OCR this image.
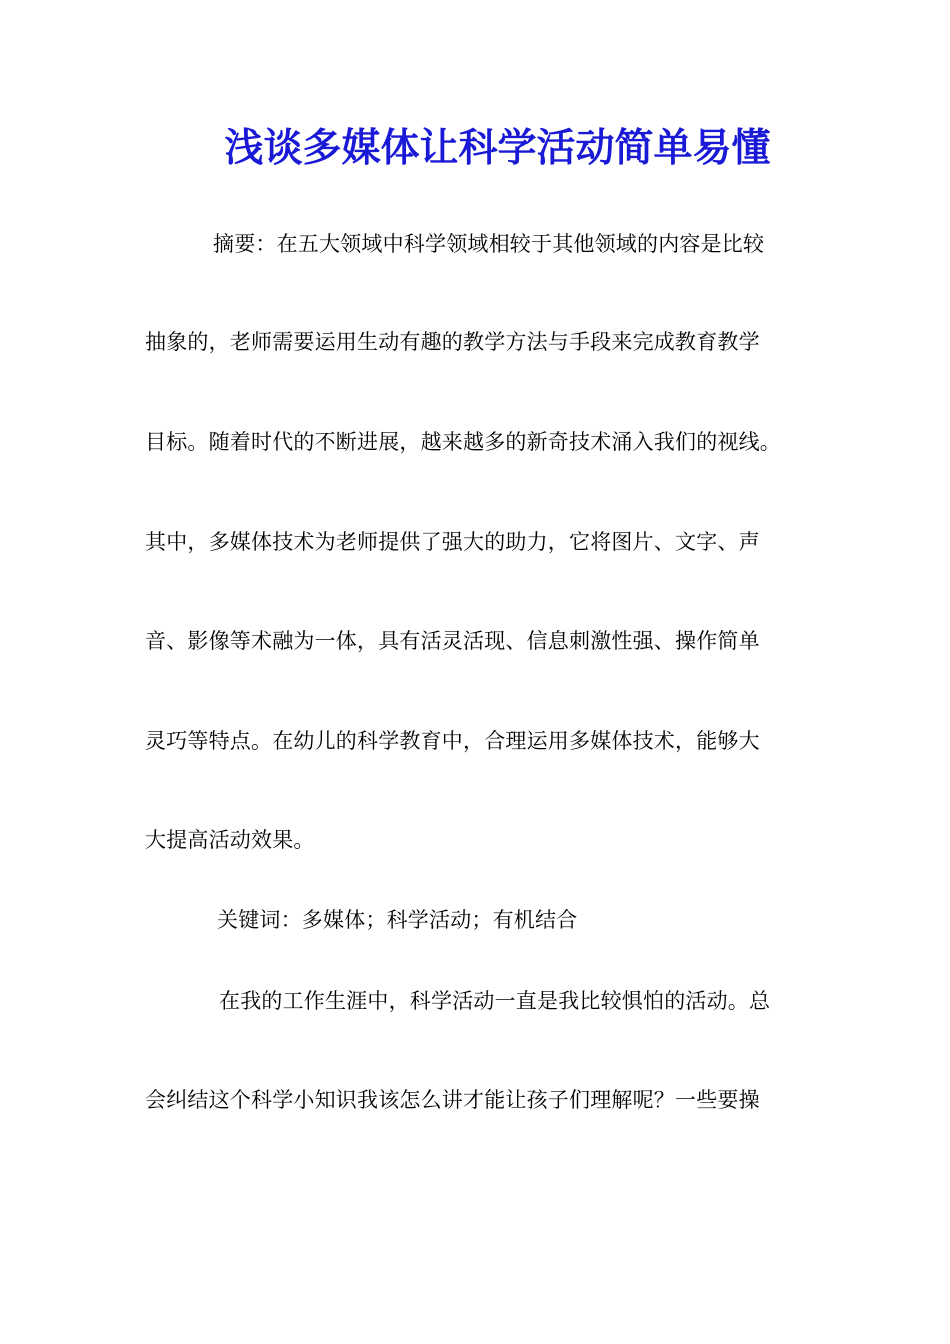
浅谈多媒体让科学活动简单易懂
摘要：在五大领域中科学领域相较于其他领域的内容是比较
抽象的，老师需要运用生动有趣的教学方法与手段来完成教育教学
目标。随着时代的不断进展，越来越多的新奇技术涌入我们的视线。
其中，多媒体技术为老师提供了强大的助力，它将图片、文字、声
音、影像等术融为一体，具有活灵活现、信息刺激性强、操作简单
灵巧等特点。在幼儿的科学教育中，合理运用多媒体技术，能够大
大提高活动效果。
关键词：多媒体；科学活动；有机结合
在我的工作生涯中，科学活动一直是我比较惧怕的活动。总
会纠结这个科学小知识我该怎么讲才能让孩子们理解呢？一些要操
